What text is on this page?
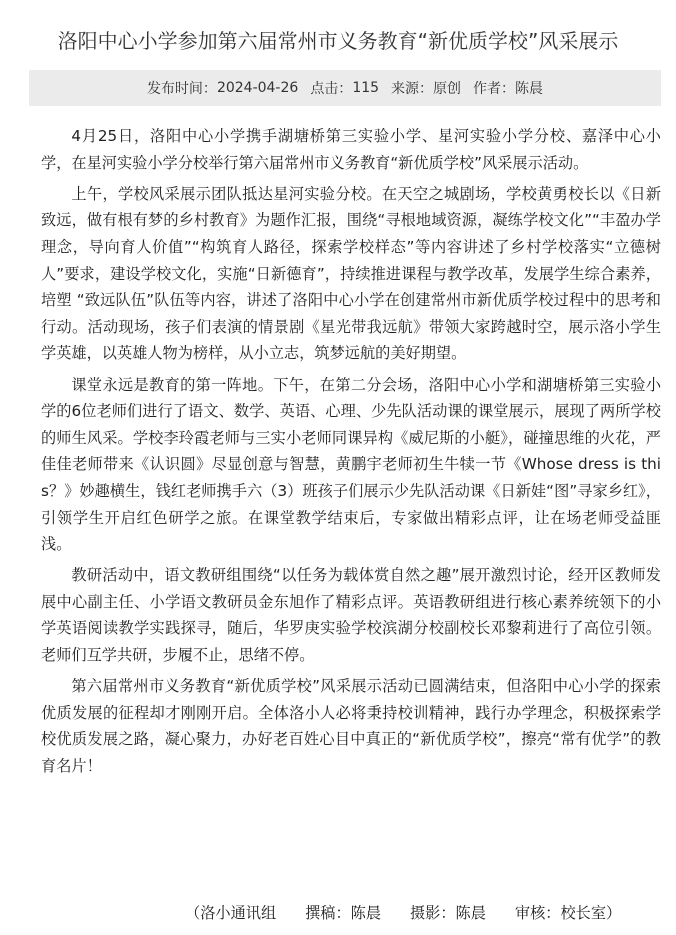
洛阳中心小学参加第六届常州市义务教育“新优质学校”风采展示
发布时间： 2024-04-26 点击： 115 来源： 原创 作者： 陈晨

4月25日，洛阳中心小学携手湖塘桥第三实验小学、星河实验小学分校、嘉泽中心小学，在星河实验小学分校举行第六届常州市义务教育“新优质学校”风采展示活动。

上午，学校风采展示团队抵达星河实验分校。在天空之城剧场，学校黄勇校长以《日新致远，做有根有梦的乡村教育》为题作汇报，围绕“寻根地域资源，凝练学校文化”“丰盈办学理念，导向育人价值”“构筑育人路径，探索学校样态”等内容讲述了乡村学校落实“立德树人”要求，建设学校文化，实施“日新德育”，持续推进课程与教学改革，发展学生综合素养，培塑 “致远队伍”队伍等内容，讲述了洛阳中心小学在创建常州市新优质学校过程中的思考和行动。活动现场，孩子们表演的情景剧《星光带我远航》带领大家跨越时空，展示洛小学生学英雄，以英雄人物为榜样，从小立志，筑梦远航的美好期望。

课堂永远是教育的第一阵地。下午，在第二分会场，洛阳中心小学和湖塘桥第三实验小学的6位老师们进行了语文、数学、英语、心理、少先队活动课的课堂展示，展现了两所学校的师生风采。学校李玲霞老师与三实小老师同课异构《威尼斯的小艇》，碰撞思维的火花，严佳佳老师带来《认识圆》尽显创意与智慧，黄鹏宇老师初生牛犊一节《Whose dress is this？》妙趣横生，钱红老师携手六（3）班孩子们展示少先队活动课《日新娃“图”寻家乡红》，引领学生开启红色研学之旅。在课堂教学结束后，专家做出精彩点评，让在场老师受益匪浅。

教研活动中，语文教研组围绕“以任务为载体赏自然之趣”展开激烈讨论，经开区教师发展中心副主任、小学语文教研员金东旭作了精彩点评。英语教研组进行核心素养统领下的小学英语阅读教学实践探寻，随后，华罗庚实验学校滨湖分校副校长邓黎莉进行了高位引领。老师们互学共研，步履不止，思绪不停。

第六届常州市义务教育“新优质学校”风采展示活动已圆满结束，但洛阳中心小学的探索优质发展的征程却才刚刚开启。全体洛小人必将秉持校训精神，践行办学理念，积极探索学校优质发展之路，凝心聚力，办好老百姓心目中真正的“新优质学校”，擦亮“常有优学”的教育名片！

（洛小通讯组      撰稿：陈晨      摄影：陈晨      审核：校长室）
